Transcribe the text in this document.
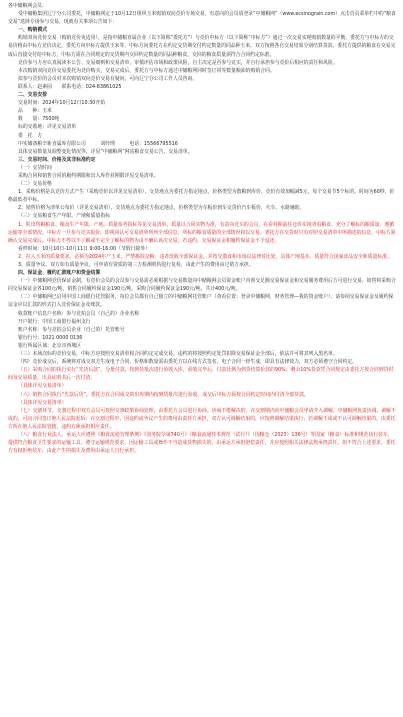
各中储粮网会员：

受中储粮集团辽宁分公司委托，中储粮网定于10月12日组织玉米购销双向竞价专场交易，有意向的会员请登录“中储粮网”（www.ecsinograin.com）点击首页菜单栏中的“粮食交易”选择专场参与交易，现就有关事项公告如下：

一、购销模式

购销双向竞价交易（购销竞价更适用），是指中储粮直属企业（以下简称“委托方”）与竞价中标方（以下简称“中标方”）通过一次交易实现购销数量的平衡，委托方与中标方的交易价格由中标方竞价决定，委托方向中标方提供玉米等，中标方向委托方在约定交货期交付约定数量的同品种玉米，双方按照各自交易结果分别结算货款。委托方提供的粮食在交易完成后直接交付给中标方，中标方需在合同规定的交货期内交回约定数量的同品种粮食，交回的粮食质量须符合合同约定标准。

竞价参与方应认真阅读本公告、交易细则和交易清单，审慎评估市场和政策风险，自主决定是否参与竞买，并自行承担参与竞价后相应的责任和风险。

本次购销双向竞价交易委托为竞价购买，交易完成后，委托方与中标方通过中储粮网同时签订同等数量粮油的购销合同。

拟参与竞价的会员对本次购销双向竞价交易有疑问，可向辽宁分公司工作人员咨询。

联系人：赵素园　　联系电话：024-83861025

二、交易安排

交易时间：2024年10月12日10:30开始

品　　种：玉米

数　　量：7500吨

标的交收地：详见交易清单

委　托　方

中实储备粮辛新直属库有限公司　　　刘经理　　　电话：15566795516

具体交易数量及调整变化情况等，详见“中储粮网”网站粮食交易公告、交易清单。

三、交易时间、价格及其非标准约定

（一）交货时间

采购合同和销售合同的履约期限和出入库作业期限详见交易清单。

（二）交易价格

1、采购价格是以竞价方式产生（采购竞价以详见交易清单），交货地点为委托方指定地点，价格类型为散粮到库价。竞价有效加幅减5元，每个交易节5个标的，时间为60秒，价格最低者中标。

2、销售价格为清单公布价（详见交易清单），交货地点为委托方指定地点，价格类型为车板价到车交货价汽车板价，火车、水路辅助。

（三）交易粮食生产年限、产地和质量指标

1、粒出售粮粮食。粮食生产年限、产地、质量参考指标等见交易清单。质量以合同实物为准，有意向竞买的会员，在看样期前往仓库实地查看粮食，充分了解标的粮质量、遵循运输等全部情况。中标方一旦参与竞买报价，即视同认可交易清单所列全部信息，所标的粮食质量的全部情况和以交易。委托方在交货时只有对照交易清单中所描述的信息，中标方须确认交易完成后，中标方不得以不了解或不完全了解标的物为由不确认该次交易。若违约，交易保证金和履约保证金不予退还。

看样时间：10月10日-10月11日 9:00-16:00（节假日除外）

2、拉入玉米的质量要求。必须为2024年产玉米，严禁掺混杂粮、违者没收全部保证金，并按交散食和市场以法律对比处，具体产地基本、质量符合国家食品安全和质量标准。

3、质量争议。双方如有质量争议，可申请有资质的第三方检测机构进行复检，由此产生的费用由过错方承担。

四、保证金、履约汇款账户和资金结算

（一）中储粮网竞价保证金制，有竞价会员的会员参与交易需必须根据与交易数量向中储粮网会员资金账户内预交足额交易保证金和交易服务费用后方可进行交易，销售和采购合同交易保证金各100元/吨，销售合同履约保证金190元/吨，采购合同履约保证金190元/吨，共计400元/吨。

（二）中储粮网已启用中国工商银行托管服务，每位会员都有自己独立的中储粮网托管账户（查看位置：登录中储粮网，财务管理—我的资金账户），请参阅交易保证金及履约保证金应以汇款的形式打入竞价保证金及账款。

收款账户信息户名称：参与竞拍会员（自己的）企业名称

开户银行：中国工商银行福州支行

账户名称：参与竞拍会员企业（自己的）托管账号

银行行号：1021 0000 0136

银行所属区域：北京市西城区

（三）本场次标的竞价交易，中标方应按照交易清单和合同约定完成交易，违约的将按照约定处罚扣除交易保证金全部后，依法并可将其列入黑名单。

（四）竞价成交后，系统将对成交双方生成电子合同，价格和数量需由委托方以在线方式签名。电子合同一经生成，即具有法律效力，双方必须遵守合同约定。

（五）采购合同的执行实行“先货后款”。分批付款，按到货批次进行验收入库，验收完毕后，付款比例为到货结算价款的90%；剩余10%货款凭合同规定由委托方按合同到货时间及交易质量，出具证明书后一次付清。

（具体详见交易清单）

（六）销售合同执行“先款后货”。委托方在合同成交的出库期内按到货批次进行验收，成交后中标方须按合同约定时间内付清全部货款。

（具体详见交易清单）

（七）交割环节。交割过程中双方会员可按照交割政策协商处理，由委托方会员进行协商。协商不能解决的，在交割期内向中储粮会员申请介入调解，中储粮网负责协调。调解不成的，可向合同签订地人民法院起诉；在交割过程中，因违约或争议产生的费用由责任方承担。双方认可调解结果的，应按照调解结果执行；若调解不成或不认可调解结果的，由委托方所在地人民法院管辖，违约方须承担相应责任。

（八）粮食行业法人、承运人应遵照《粮食流通管理条例》《国务院令第740号》《粮食流通技术规范（试行）》（国粮仓（2023）136号）等国家（粮食）标准和规范执行装车，提供符合粮食卫生要求的运输工具，遵守运输规范要求，因运输工具或操作不当造成货物损失的，由承运方承担赔偿责任，并应按照相关法律法规承担责任。如不符合上述要求，委托方有权拒绝装车，由此产生的损失及费用由承运人自行承担。
